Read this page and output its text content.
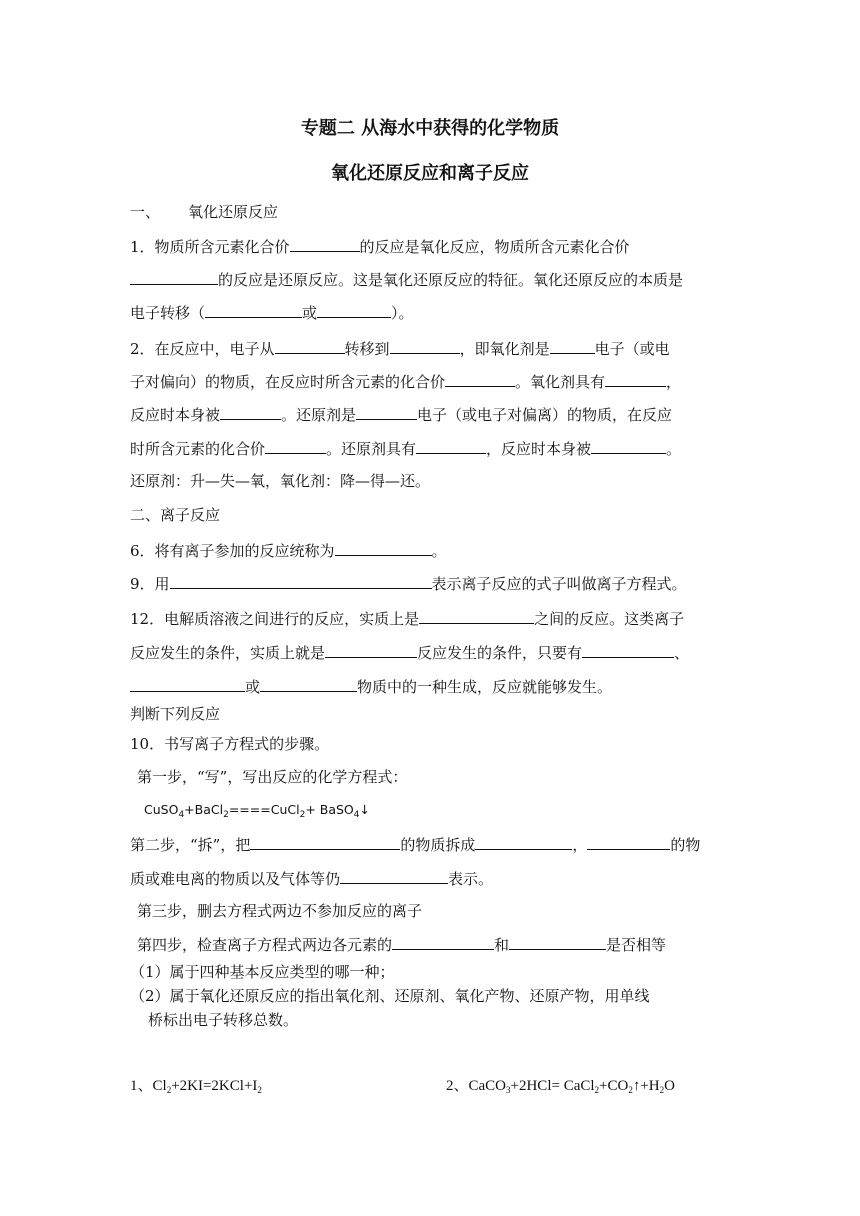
专题二 从海水中获得的化学物质
氧化还原反应和离子反应
一、 氧化还原反应
1．物质所含元素化合价	的反应是氧化反应，物质所含元素化合价
的反应是还原反应。这是氧化还原反应的特征。氧化还原反应的本质是
电子转移（	或	）。
2．在反应中，电子从	转移到	，即氧化剂是	电子（或电
子对偏向）的物质，在反应时所含元素的化合价	。氧化剂具有	，
反应时本身被	。还原剂是	电子（或电子对偏离）的物质，在反应
时所含元素的化合价	。还原剂具有	，反应时本身被	。
还原剂：升—失—氧，氧化剂：降—得—还。
二、离子反应
6．将有离子参加的反应统称为	。
9．用	表示离子反应的式子叫做离子方程式。
12．电解质溶液之间进行的反应，实质上是	之间的反应。这类离子
反应发生的条件，实质上就是	反应发生的条件，只要有	、
或	物质中的一种生成，反应就能够发生。
判断下列反应
10．书写离子方程式的步骤。
第一步，“写”，写出反应的化学方程式：
CuSO$_4$+BaCl$_2$====CuCl$_2$+ BaSO$_4$↓
第二步，“拆”，把	的物质拆成	，	的物
质或难电离的物质以及气体等仍	表示。
第三步，删去方程式两边不参加反应的离子
第四步，检查离子方程式两边各元素的	和	是否相等
（1）属于四种基本反应类型的哪一种；
（2）属于氧化还原反应的指出氧化剂、还原剂、氧化产物、还原产物，用单线
桥标出电子转移总数。
1、$Cl_2+2KI=2KCl+I_2$	2、CaCO$_3$+2HCl= $CaCl_2+CO_2↑+H_2O$
